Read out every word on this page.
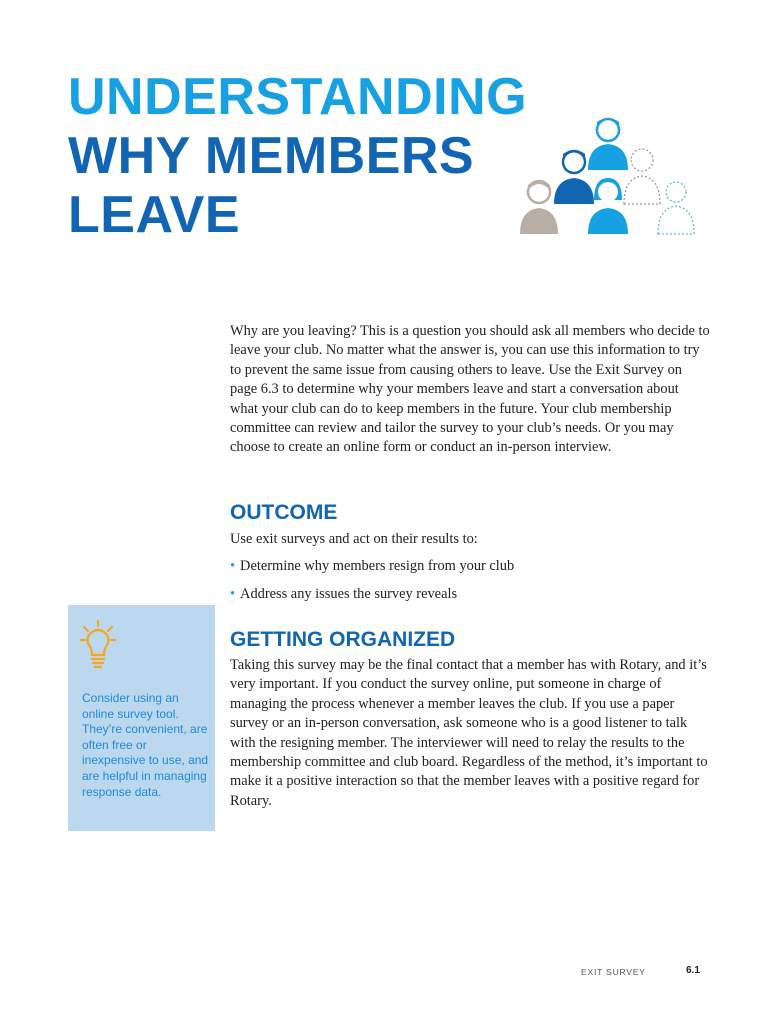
UNDERSTANDING
WHY MEMBERS
LEAVE

Why are you leaving? This is a question you should ask all members who decide to leave your club. No matter what the answer is, you can use this information to try to prevent the same issue from causing others to leave. Use the Exit Survey on page 6.3 to determine why your members leave and start a conversation about what your club can do to keep members in the future. Your club membership committee can review and tailor the survey to your club’s needs. Or you may choose to create an online form or conduct an in-person interview.

OUTCOME

Use exit surveys and act on their results to:

• Determine why members resign from your club
• Address any issues the survey reveals
GETTING ORGANIZED

Taking this survey may be the final contact that a member has with Rotary, and it’s very important. If you conduct the survey online, put someone in charge of managing the process whenever a member leaves the club. If you use a paper survey or an in-person conversation, ask someone who is a good listener to talk with the resigning member. The interviewer will need to relay the results to the membership committee and club board. Regardless of the method, it’s important to make it a positive interaction so that the member leaves with a positive regard for Rotary.

Consider using an online survey tool. They’re convenient, are often free or inexpensive to use, and are helpful in managing response data.

EXIT SURVEY	6.1
